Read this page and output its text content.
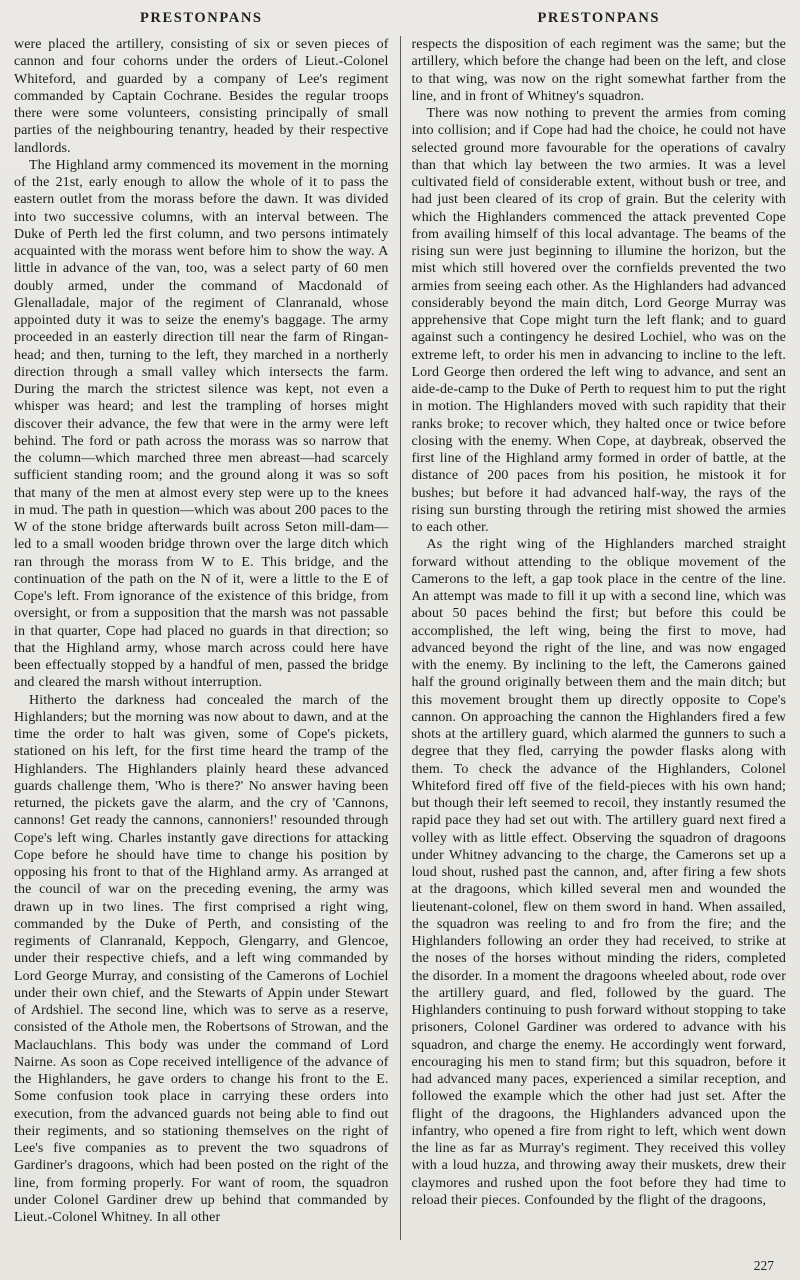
PRESTONPANS

were placed the artillery, consisting of six or seven pieces of cannon and four cohorns under the orders of Lieut.-Colonel Whiteford, and guarded by a company of Lee's regiment commanded by Captain Cochrane. Besides the regular troops there were some volunteers, consisting principally of small parties of the neighbouring tenantry, headed by their respective landlords.

The Highland army commenced its movement in the morning of the 21st, early enough to allow the whole of it to pass the eastern outlet from the morass before the dawn. It was divided into two successive columns, with an interval between. The Duke of Perth led the first column, and two persons intimately acquainted with the morass went before him to show the way. A little in advance of the van, too, was a select party of 60 men doubly armed, under the command of Macdonald of Glenalladale, major of the regiment of Clanranald, whose appointed duty it was to seize the enemy's baggage. The army proceeded in an easterly direction till near the farm of Ringan-head; and then, turning to the left, they marched in a northerly direction through a small valley which intersects the farm. During the march the strictest silence was kept, not even a whisper was heard; and lest the trampling of horses might discover their advance, the few that were in the army were left behind. The ford or path across the morass was so narrow that the column—which marched three men abreast—had scarcely sufficient standing room; and the ground along it was so soft that many of the men at almost every step were up to the knees in mud. The path in question—which was about 200 paces to the W of the stone bridge afterwards built across Seton mill-dam—led to a small wooden bridge thrown over the large ditch which ran through the morass from W to E. This bridge, and the continuation of the path on the N of it, were a little to the E of Cope's left. From ignorance of the existence of this bridge, from oversight, or from a supposition that the marsh was not passable in that quarter, Cope had placed no guards in that direction; so that the Highland army, whose march across could here have been effectually stopped by a handful of men, passed the bridge and cleared the marsh without interruption.

Hitherto the darkness had concealed the march of the Highlanders; but the morning was now about to dawn, and at the time the order to halt was given, some of Cope's pickets, stationed on his left, for the first time heard the tramp of the Highlanders. The Highlanders plainly heard these advanced guards challenge them, 'Who is there?' No answer having been returned, the pickets gave the alarm, and the cry of 'Cannons, cannons! Get ready the cannons, cannoniers!' resounded through Cope's left wing. Charles instantly gave directions for attacking Cope before he should have time to change his position by opposing his front to that of the Highland army. As arranged at the council of war on the preceding evening, the army was drawn up in two lines. The first comprised a right wing, commanded by the Duke of Perth, and consisting of the regiments of Clanranald, Keppoch, Glengarry, and Glencoe, under their respective chiefs, and a left wing commanded by Lord George Murray, and consisting of the Camerons of Lochiel under their own chief, and the Stewarts of Appin under Stewart of Ardshiel. The second line, which was to serve as a reserve, consisted of the Athole men, the Robertsons of Strowan, and the Maclauchlans. This body was under the command of Lord Nairne. As soon as Cope received intelligence of the advance of the Highlanders, he gave orders to change his front to the E. Some confusion took place in carrying these orders into execution, from the advanced guards not being able to find out their regiments, and so stationing themselves on the right of Lee's five companies as to prevent the two squadrons of Gardiner's dragoons, which had been posted on the right of the line, from forming properly. For want of room, the squadron under Colonel Gardiner drew up behind that commanded by Lieut.-Colonel Whitney. In all other

PRESTONPANS

respects the disposition of each regiment was the same; but the artillery, which before the change had been on the left, and close to that wing, was now on the right somewhat farther from the line, and in front of Whitney's squadron.

There was now nothing to prevent the armies from coming into collision; and if Cope had had the choice, he could not have selected ground more favourable for the operations of cavalry than that which lay between the two armies. It was a level cultivated field of considerable extent, without bush or tree, and had just been cleared of its crop of grain. But the celerity with which the Highlanders commenced the attack prevented Cope from availing himself of this local advantage. The beams of the rising sun were just beginning to illumine the horizon, but the mist which still hovered over the cornfields prevented the two armies from seeing each other. As the Highlanders had advanced considerably beyond the main ditch, Lord George Murray was apprehensive that Cope might turn the left flank; and to guard against such a contingency he desired Lochiel, who was on the extreme left, to order his men in advancing to incline to the left. Lord George then ordered the left wing to advance, and sent an aide-de-camp to the Duke of Perth to request him to put the right in motion. The Highlanders moved with such rapidity that their ranks broke; to recover which, they halted once or twice before closing with the enemy. When Cope, at daybreak, observed the first line of the Highland army formed in order of battle, at the distance of 200 paces from his position, he mistook it for bushes; but before it had advanced half-way, the rays of the rising sun bursting through the retiring mist showed the armies to each other.

As the right wing of the Highlanders marched straight forward without attending to the oblique movement of the Camerons to the left, a gap took place in the centre of the line. An attempt was made to fill it up with a second line, which was about 50 paces behind the first; but before this could be accomplished, the left wing, being the first to move, had advanced beyond the right of the line, and was now engaged with the enemy. By inclining to the left, the Camerons gained half the ground originally between them and the main ditch; but this movement brought them up directly opposite to Cope's cannon. On approaching the cannon the Highlanders fired a few shots at the artillery guard, which alarmed the gunners to such a degree that they fled, carrying the powder flasks along with them. To check the advance of the Highlanders, Colonel Whiteford fired off five of the field-pieces with his own hand; but though their left seemed to recoil, they instantly resumed the rapid pace they had set out with. The artillery guard next fired a volley with as little effect. Observing the squadron of dragoons under Whitney advancing to the charge, the Camerons set up a loud shout, rushed past the cannon, and, after firing a few shots at the dragoons, which killed several men and wounded the lieutenant-colonel, flew on them sword in hand. When assailed, the squadron was reeling to and fro from the fire; and the Highlanders following an order they had received, to strike at the noses of the horses without minding the riders, completed the disorder. In a moment the dragoons wheeled about, rode over the artillery guard, and fled, followed by the guard. The Highlanders continuing to push forward without stopping to take prisoners, Colonel Gardiner was ordered to advance with his squadron, and charge the enemy. He accordingly went forward, encouraging his men to stand firm; but this squadron, before it had advanced many paces, experienced a similar reception, and followed the example which the other had just set. After the flight of the dragoons, the Highlanders advanced upon the infantry, who opened a fire from right to left, which went down the line as far as Murray's regiment. They received this volley with a loud huzza, and throwing away their muskets, drew their claymores and rushed upon the foot before they had time to reload their pieces. Confounded by the flight of the dragoons,

227
